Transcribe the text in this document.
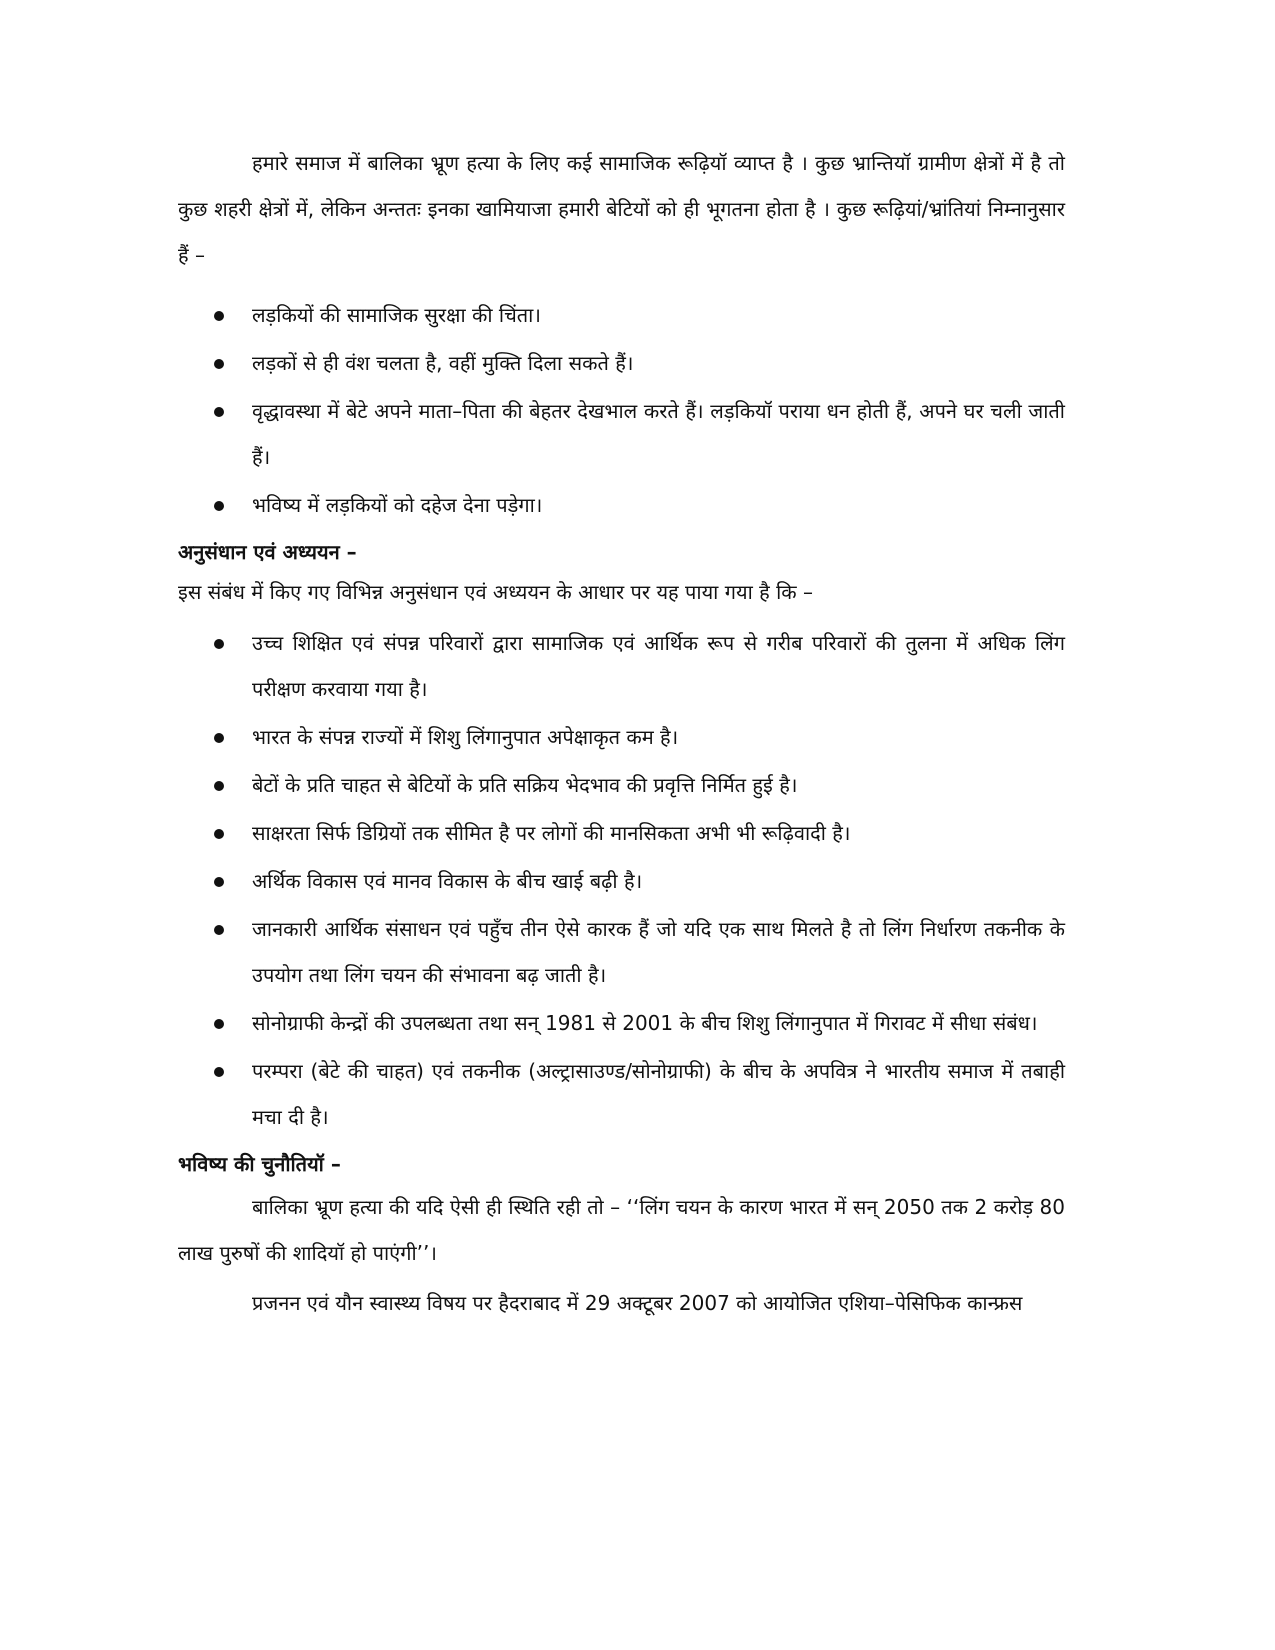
हमारे समाज में बालिका भ्रूण हत्या के लिए कई सामाजिक रूढ़ियॉ व्याप्त है । कुछ भ्रान्तियॉ ग्रामीण क्षेत्रों में है तो कुछ शहरी क्षेत्रों में, लेकिन अन्ततः इनका खामियाजा हमारी बेटियों को ही भूगतना होता है । कुछ रूढ़ियां/भ्रांतियां निम्नानुसार हैं –

लड़कियों की सामाजिक सुरक्षा की चिंता।
लड़कों से ही वंश चलता है, वहीं मुक्ति दिला सकते हैं।
वृद्धावस्था में बेटे अपने माता–पिता की बेहतर देखभाल करते हैं। लड़कियॉ पराया धन होती हैं, अपने घर चली जाती हैं।
भविष्य में लड़कियों को दहेज देना पड़ेगा।

अनुसंधान एवं अध्ययन –

इस संबंध में किए गए विभिन्न अनुसंधान एवं अध्ययन के आधार पर यह पाया गया है कि –

उच्च शिक्षित एवं संपन्न परिवारों द्वारा सामाजिक एवं आर्थिक रूप से गरीब परिवारों की तुलना में अधिक लिंग परीक्षण करवाया गया है।
भारत के संपन्न राज्यों में शिशु लिंगानुपात अपेक्षाकृत कम है।
बेटों के प्रति चाहत से बेटियों के प्रति सक्रिय भेदभाव की प्रवृत्ति निर्मित हुई है।
साक्षरता सिर्फ डिग्रियों तक सीमित है पर लोगों की मानसिकता अभी भी रूढ़िवादी है।
अर्थिक विकास एवं मानव विकास के बीच खाई बढ़ी है।
जानकारी आर्थिक संसाधन एवं पहुँच तीन ऐसे कारक हैं जो यदि एक साथ मिलते है तो लिंग निर्धारण तकनीक के उपयोग तथा लिंग चयन की संभावना बढ़ जाती है।
सोनोग्राफी केन्द्रों की उपलब्धता तथा सन् 1981 से 2001 के बीच शिशु लिंगानुपात में गिरावट में सीधा संबंध।
परम्परा (बेटे की चाहत) एवं तकनीक (अल्ट्रासाउण्ड/सोनोग्राफी) के बीच के अपवित्र ने भारतीय समाज में तबाही मचा दी है।

भविष्य की चुनौतियॉ –

बालिका भ्रूण हत्या की यदि ऐसी ही स्थिति रही तो – ‘‘लिंग चयन के कारण भारत में सन् 2050 तक 2 करोड़ 80 लाख पुरुषों की शादियॉ हो पाएंगी’’।

प्रजनन एवं यौन स्वास्थ्य विषय पर हैदराबाद में 29 अक्टूबर 2007 को आयोजित एशिया–पेसिफिक कान्फ्रस
